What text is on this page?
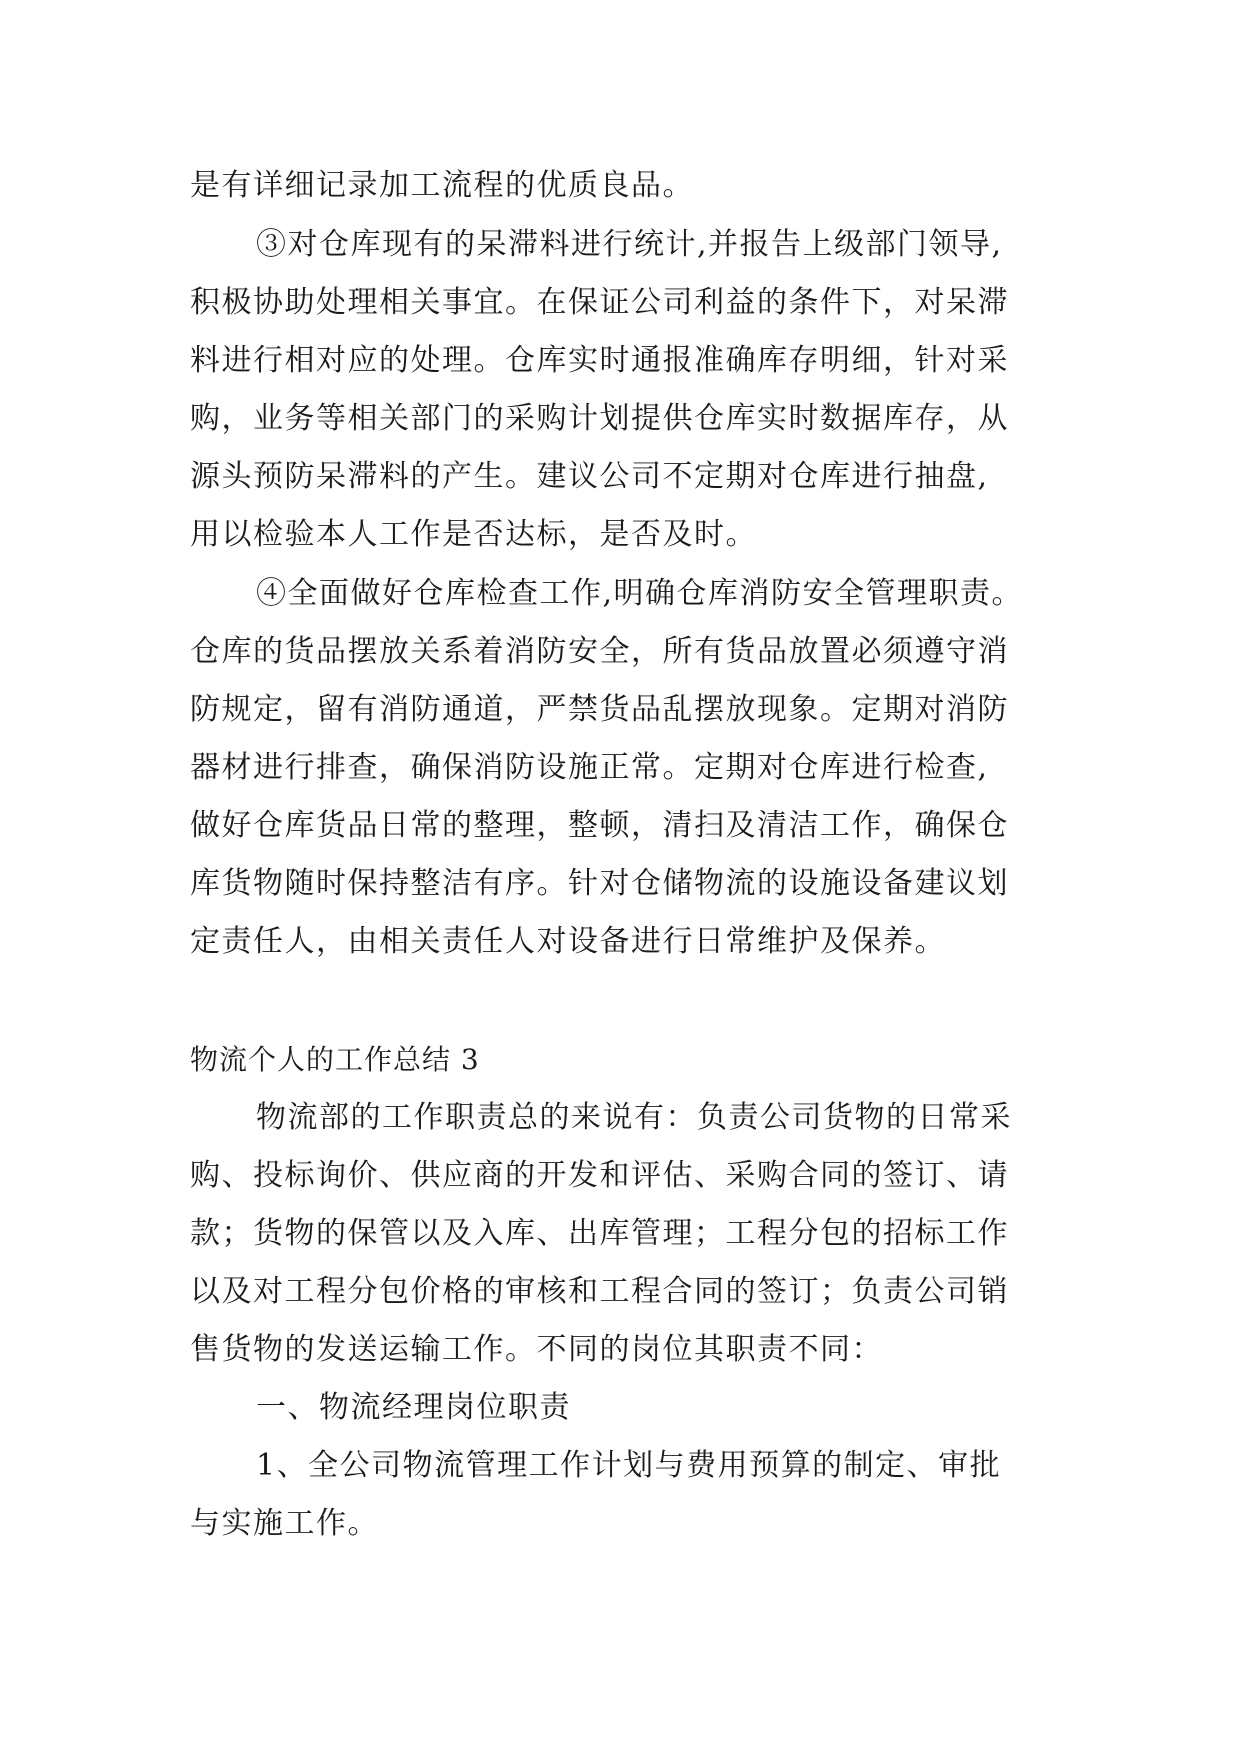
是有详细记录加工流程的优质良品。
③对仓库现有的呆滞料进行统计,并报告上级部门领导,
积极协助处理相关事宜。在保证公司利益的条件下，对呆滞
料进行相对应的处理。仓库实时通报准确库存明细，针对采
购，业务等相关部门的采购计划提供仓库实时数据库存，从
源头预防呆滞料的产生。建议公司不定期对仓库进行抽盘,
用以检验本人工作是否达标，是否及时。
④全面做好仓库检查工作,明确仓库消防安全管理职责。
仓库的货品摆放关系着消防安全，所有货品放置必须遵守消
防规定，留有消防通道，严禁货品乱摆放现象。定期对消防
器材进行排查，确保消防设施正常。定期对仓库进行检查,
做好仓库货品日常的整理，整顿，清扫及清洁工作，确保仓
库货物随时保持整洁有序。针对仓储物流的设施设备建议划
定责任人，由相关责任人对设备进行日常维护及保养。
物流个人的工作总结 3
物流部的工作职责总的来说有：负责公司货物的日常采
购、投标询价、供应商的开发和评估、采购合同的签订、请
款；货物的保管以及入库、出库管理；工程分包的招标工作
以及对工程分包价格的审核和工程合同的签订；负责公司销
售货物的发送运输工作。不同的岗位其职责不同：
一、物流经理岗位职责
1、全公司物流管理工作计划与费用预算的制定、审批
与实施工作。
